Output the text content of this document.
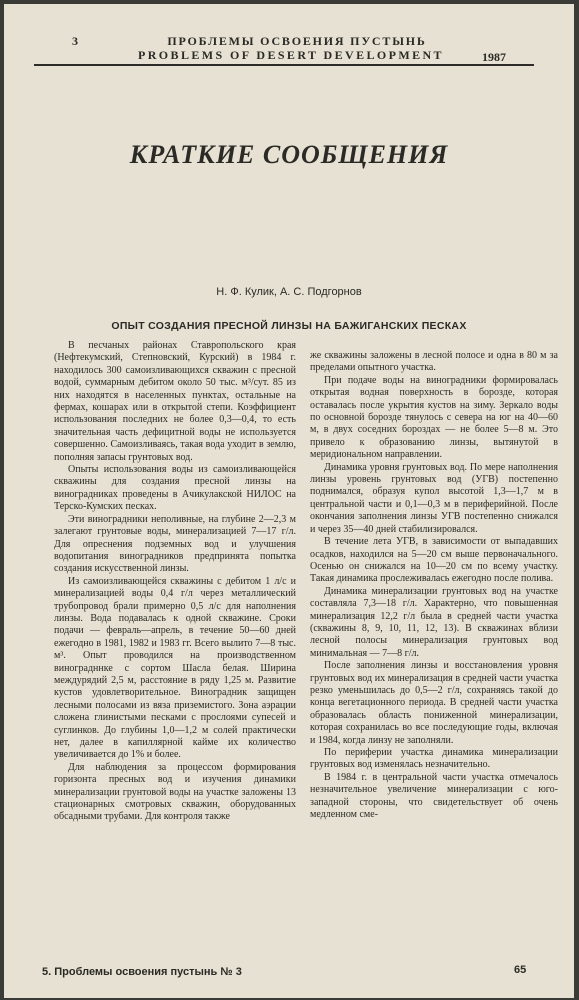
3	ПРОБЛЕМЫ ОСВОЕНИЯ ПУСТЫНЬ
PROBLEMS OF DESERT DEVELOPMENT	1987
КРАТКИЕ СООБЩЕНИЯ
Н. Ф. Кулик, А. С. Подгорнов
ОПЫТ СОЗДАНИЯ ПРЕСНОЙ ЛИНЗЫ НА БАЖИГАНСКИХ ПЕСКАХ

В песчаных районах Ставропольского края (Нефтекумский, Степновский, Курский) в 1984 г. находилось 300 самоизливающихся скважин с пресной водой, суммарным дебитом около 50 тыс. м³/сут. 85 из них находятся в населенных пунктах, остальные на фермах, кошарах или в открытой степи. Коэффициент использования последних не более 0,3—0,4, то есть значительная часть дефицитной воды не используется совершенно. Самоизливаясь, такая вода уходит в землю, пополняя запасы грунтовых вод.

Опыты использования воды из самоизливающейся скважины для создания пресной линзы на виноградниках проведены в Ачикулакской НИЛОС на Терско-Кумских песках.

Эти виноградники неполивные, на глубине 2—2,3 м залегают грунтовые воды, минерализацией 7—17 г/л. Для опреснения подземных вод и улучшения водопитания виноградников предпринята попытка создания искусственной линзы.

Из самоизливающейся скважины с дебитом 1 л/с и минерализацией воды 0,4 г/л через металлический трубопровод брали примерно 0,5 л/с для наполнения линзы. Вода подавалась к одной скважине. Сроки подачи — февраль—апрель, в течение 50—60 дней ежегодно в 1981, 1982 и 1983 гг. Всего вылито 7—8 тыс. м³. Опыт проводился на производственном виноградннке с сортом Шасла белая. Ширина междурядий 2,5 м, расстояние в ряду 1,25 м. Развитие кустов удовлетворительное. Виноградник защищен лесными полосами из вяза приземистого. Зона аэрации сложена глинистыми песками с прослоями супесей и суглинков. До глубины 1,0—1,2 м солей практически нет, далее в капиллярной кайме их количество увеличивается до 1% и более.

Для наблюдения за процессом формирования горизонта пресных вод и изучения динамики минерализации грунтовой воды на участке заложены 13 стационарных смотровых скважин, оборудованных обсадными трубами. Для контроля также

же скважины заложены в лесной полосе и одна в 80 м за пределами опытного участка.

При подаче воды на виноградники формировалась открытая водная поверхность в борозде, которая оставалась после укрытия кустов на зиму. Зеркало воды по основной борозде тянулось с севера на юг на 40—60 м, в двух соседних бороздах — не более 5—8 м. Это привело к образованию линзы, вытянутой в меридиональном направлении.

Динамика уровня грунтовых вод. По мере наполнения линзы уровень грунтовых вод (УГВ) постепенно поднимался, образуя купол высотой 1,3—1,7 м в центральной части и 0,1—0,3 м в периферийной. После окончания заполнения линзы УГВ постепенно снижался и через 35—40 дней стабилизировался.

В течение лета УГВ, в зависимости от выпадавших осадков, находился на 5—20 см выше первоначального. Осенью он снижался на 10—20 см по всему участку. Такая динамика прослеживалась ежегодно после полива.

Динамика минерализации грунтовых вод на участке составляла 7,3—18 г/л. Характерно, что повышенная минерализация 12,2 г/л была в средней части участка (скважины 8, 9, 10, 11, 12, 13). В скважинах вблизи лесной полосы минерализация грунтовых вод минимальная — 7—8 г/л.

После заполнения линзы и восстановления уровня грунтовых вод их минерализация в средней части участка резко уменьшилась до 0,5—2 г/л, сохраняясь такой до конца вегетационного периода. В средней части участка образовалась область пониженной минерализации, которая сохранилась во все последующие годы, включая и 1984, когда линзу не заполняли.

По периферии участка динамика минерализации грунтовых вод изменялась незначительно.

В 1984 г. в центральной части участка отмечалось незначительное увеличение минерализации с юго-западной стороны, что свидетельствует об очень медленном сме-

5. Проблемы освоения пустынь № 3	65
